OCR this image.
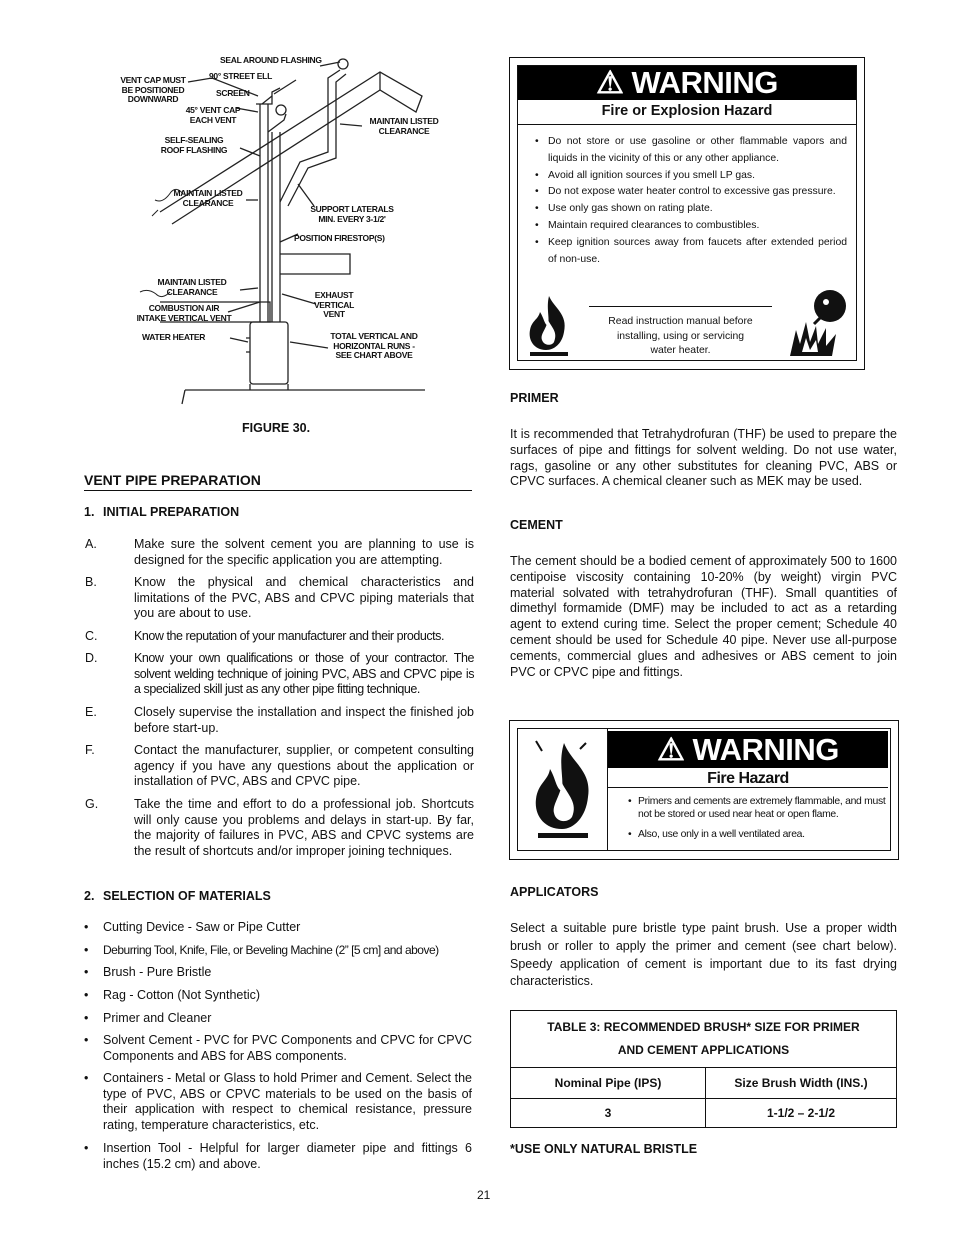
SEAL AROUND FLASHING
VENT CAP MUST
BE POSITIONED
DOWNWARD
90° STREET ELL
SCREEN
45° VENT CAP
EACH VENT	MAINTAIN LISTED
CLEARANCE
SELF-SEALING
ROOF FLASHING
MAINTAIN LISTED
CLEARANCE
SUPPORT LATERALS
MIN. EVERY 3-1/2'
POSITION FIRESTOP(S)
MAINTAIN LISTED
CLEARANCE	EXHAUST
VERTICAL
VENT
COMBUSTION AIR
INTAKE VERTICAL VENT
WATER HEATER	TOTAL VERTICAL AND
HORIZONTAL RUNS -
SEE CHART ABOVE
FIGURE 30.
VENT PIPE PREPARATION
1. INITIAL PREPARATION
A.	Make sure the solvent cement you are planning to use is designed for the specific application you are attempting.
B.	Know the physical and chemical characteristics and limitations of the PVC, ABS and CPVC piping materials that you are about to use.
C.	Know the reputation of your manufacturer and their products.
D.	Know your own qualifications or those of your contractor. The solvent welding technique of joining PVC, ABS and CPVC pipe is a specialized skill just as any other pipe fitting technique.
E.	Closely supervise the installation and inspect the finished job before start-up.
F.	Contact the manufacturer, supplier, or competent consulting agency if you have any questions about the application or installation of PVC, ABS and CPVC pipe.
G.	Take the time and effort to do a professional job. Shortcuts will only cause you problems and delays in start-up. By far, the majority of failures in PVC, ABS and CPVC systems are the result of shortcuts and/or improper joining techniques.
2. SELECTION OF MATERIALS
• Cutting Device - Saw or Pipe Cutter
• Deburring Tool, Knife, File, or Beveling Machine (2” [5 cm] and above)
• Brush - Pure Bristle
• Rag - Cotton (Not Synthetic)
• Primer and Cleaner
• Solvent Cement - PVC for PVC Components and CPVC for CPVC Components and ABS for ABS components.
• Containers - Metal or Glass to hold Primer and Cement. Select the type of PVC, ABS or CPVC materials to be used on the basis of their application with respect to chemical resistance, pressure rating, temperature characteristics, etc.
• Insertion Tool - Helpful for larger diameter pipe and fittings 6 inches (15.2 cm) and above.
⚠ WARNING
Fire or Explosion Hazard
• Do not store or use gasoline or other flammable vapors and liquids in the vicinity of this or any other appliance.
• Avoid all ignition sources if you smell LP gas.
• Do not expose water heater control to excessive gas pressure.
• Use only gas shown on rating plate.
• Maintain required clearances to combustibles.
• Keep ignition sources away from faucets after extended period of non-use.
Read instruction manual before
installing, using or servicing
water heater.
PRIMER
It is recommended that Tetrahydrofuran (THF) be used to prepare the surfaces of pipe and fittings for solvent welding. Do not use water, rags, gasoline or any other substitutes for cleaning PVC, ABS or CPVC surfaces. A chemical cleaner such as MEK may be used.
CEMENT
The cement should be a bodied cement of approximately 500 to 1600 centipoise viscosity containing 10-20% (by weight) virgin PVC material solvated with tetrahydrofuran (THF). Small quantities of dimethyl formamide (DMF) may be included to act as a retarding agent to extend curing time. Select the proper cement; Schedule 40 cement should be used for Schedule 40 pipe. Never use all-purpose cements, commercial glues and adhesives or ABS cement to join PVC or CPVC pipe and fittings.
⚠ WARNING
Fire Hazard
• Primers and cements are extremely flammable, and must not be stored or used near heat or open flame.
• Also, use only in a well ventilated area.
APPLICATORS
Select a suitable pure bristle type paint brush. Use a proper width brush or roller to apply the primer and cement (see chart below). Speedy application of cement is important due to its fast drying characteristics.
TABLE 3: RECOMMENDED BRUSH* SIZE FOR PRIMER
AND CEMENT APPLICATIONS	

Nominal Pipe (IPS)	Size Brush Width (INS.)
3	1-1/2 – 2-1/2
*USE ONLY NATURAL BRISTLE
21
